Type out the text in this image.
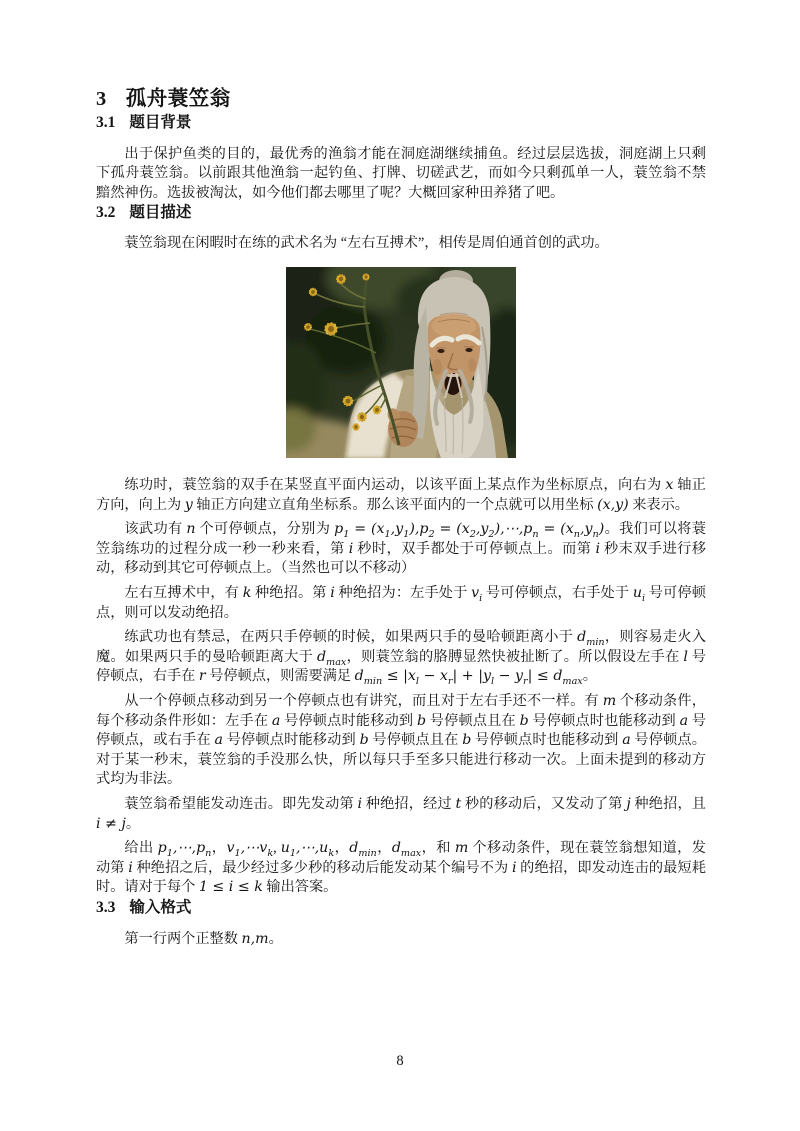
3 孤舟蓑笠翁
3.1 题目背景

出于保护鱼类的目的，最优秀的渔翁才能在洞庭湖继续捕鱼。经过层层选拔，洞庭湖上只剩下孤舟蓑笠翁。以前跟其他渔翁一起钓鱼、打牌、切磋武艺，而如今只剩孤单一人，蓑笠翁不禁黯然神伤。选拔被淘汰，如今他们都去哪里了呢？大概回家种田养猪了吧。

3.2 题目描述

蓑笠翁现在闲暇时在练的武术名为 “左右互搏术”，相传是周伯通首创的武功。

练功时，蓑笠翁的双手在某竖直平面内运动，以该平面上某点作为坐标原点，向右为 x 轴正方向，向上为 y 轴正方向建立直角坐标系。那么该平面内的一个点就可以用坐标 (x,y) 来表示。

该武功有 n 个可停顿点，分别为 $p_1 = (x_1,y_1),p_2$ = $(x_2,y_2),\cdots,p_n = (x_n,y_n)$。我们可以将蓑笠翁练功的过程分成一秒一秒来看，第 i 秒时，双手都处于可停顿点上。而第 i 秒末双手进行移动，移动到其它可停顿点上。（当然也可以不移动）

左右互搏术中，有 k 种绝招。第 i 种绝招为：左手处于 $v_i$ 号可停顿点，右手处于 $u_i$ 号可停顿点，则可以发动绝招。

练武功也有禁忌，在两只手停顿的时候，如果两只手的曼哈顿距离小于 $d_{min}$，则容易走火入魔。如果两只手的曼哈顿距离大于 $d_{max}$，则蓑笠翁的胳膊显然快被扯断了。所以假设左手在 l 号停顿点，右手在 r 号停顿点，则需要满足 $d_{min} \le |x_l - x_r| + |y_l - y_r| \le d_{max}$。

从一个停顿点移动到另一个停顿点也有讲究，而且对于左右手还不一样。有 m 个移动条件，每个移动条件形如：左手在 a 号停顿点时能移动到 b 号停顿点且在 b 号停顿点时也能移动到 a 号停顿点，或右手在 a 号停顿点时能移动到 b 号停顿点且在 b 号停顿点时也能移动到 a 号停顿点。对于某一秒末，蓑笠翁的手没那么快，所以每只手至多只能进行移动一次。上面未提到的移动方式均为非法。

蓑笠翁希望能发动连击。即先发动第 i 种绝招，经过 t 秒的移动后，又发动了第 j 种绝招，且 i ≠ j。

给出 $p_1,\cdots,p_n$，$v_1,\cdots v_k$, $u_1,\cdots,u_k$，$d_{min}$，$d_{max}$，和 m 个移动条件，现在蓑笠翁想知道，发动第 i 种绝招之后，最少经过多少秒的移动后能发动某个编号不为 i 的绝招，即发动连击的最短耗时。请对于每个 1 ≤ i ≤ k 输出答案。

3.3 输入格式

第一行两个正整数 n,m。

8
